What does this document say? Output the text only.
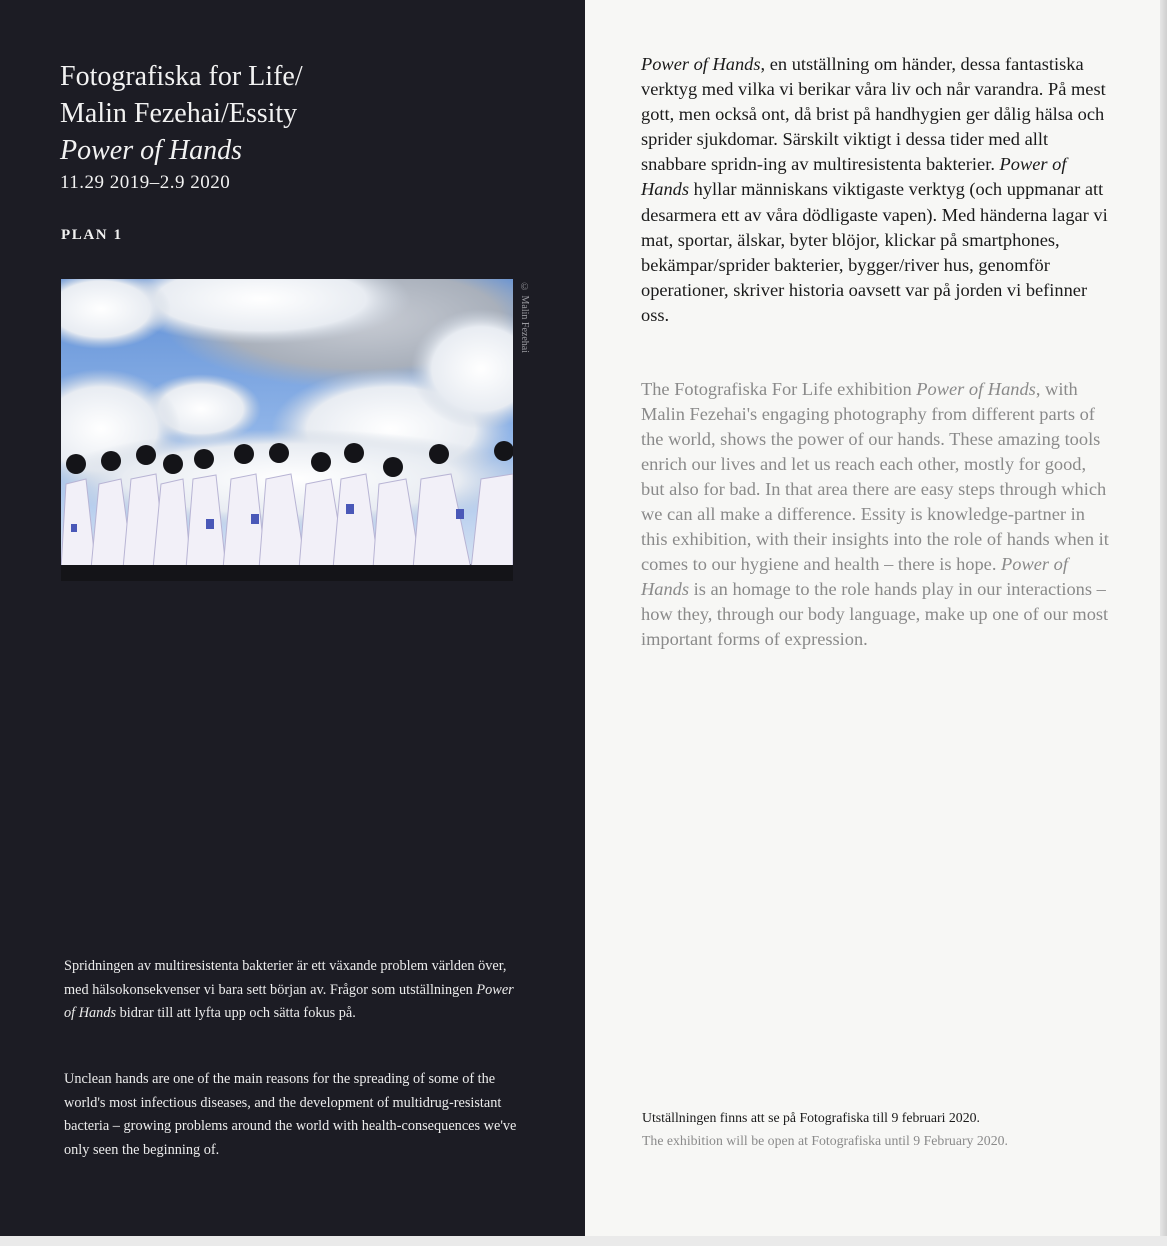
Fotografiska for Life/
Malin Fezehai/Essity
Power of Hands
11.29 2019–2.9 2020
PLAN 1
© Malin Fezehai
Spridningen av multiresistenta bakterier är ett växande problem världen över, med hälsokonsekvenser vi bara sett början av. Frågor som utställningen Power of Hands bidrar till att lyfta upp och sätta fokus på.
Unclean hands are one of the main reasons for the spreading of some of the world's most infectious diseases, and the development of multidrug-resistant bacteria – growing problems around the world with health-consequences we've only seen the beginning of.
Power of Hands, en utställning om händer, dessa fantastiska verktyg med vilka vi berikar våra liv och når varandra. På mest gott, men också ont, då brist på handhygien ger dålig hälsa och sprider sjukdomar. Särskilt viktigt i dessa tider med allt snabbare spridn-ing av multiresistenta bakterier. Power of Hands hyllar människans viktigaste verktyg (och uppmanar att desarmera ett av våra dödligaste vapen). Med händerna lagar vi mat, sportar, älskar, byter blöjor, klickar på smartphones, bekämpar/sprider bakterier, bygger/river hus, genomför operationer, skriver historia oavsett var på jorden vi befinner oss.
The Fotografiska For Life exhibition Power of Hands, with Malin Fezehai's engaging photography from different parts of the world, shows the power of our hands. These amazing tools enrich our lives and let us reach each other, mostly for good, but also for bad. In that area there are easy steps through which we can all make a difference. Essity is knowledge-partner in this exhibition, with their insights into the role of hands when it comes to our hygiene and health – there is hope. Power of Hands is an homage to the role hands play in our interactions – how they, through our body language, make up one of our most important forms of expression.
Utställningen finns att se på Fotografiska till 9 februari 2020.
The exhibition will be open at Fotografiska until 9 February 2020.
